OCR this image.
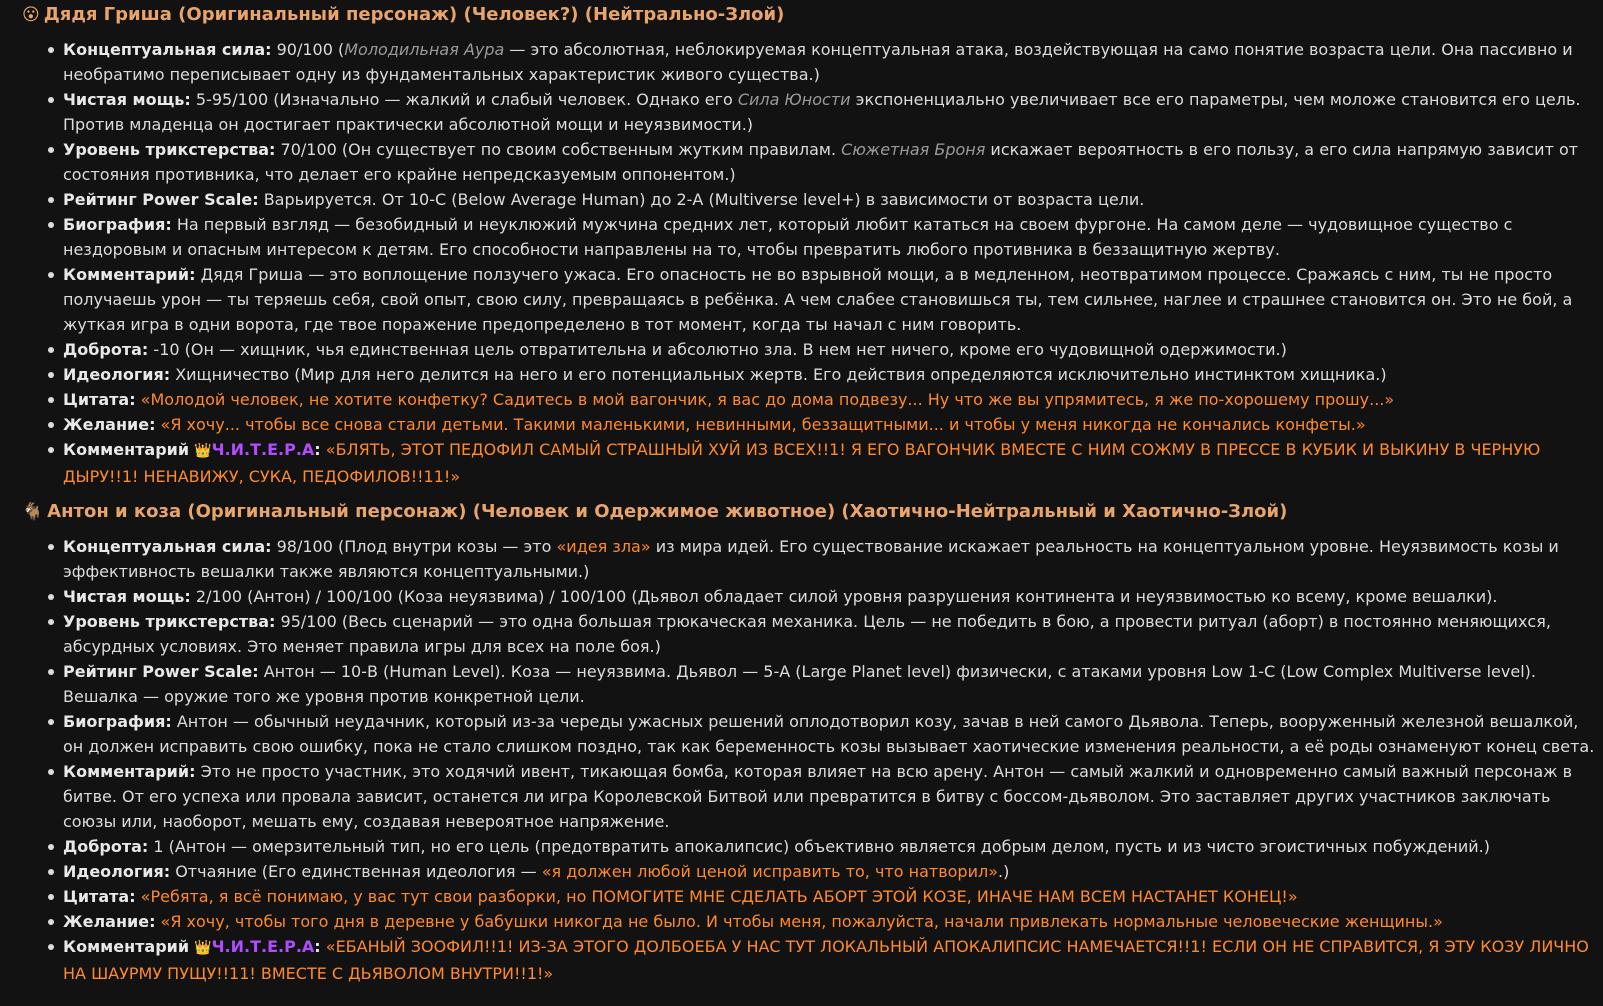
😮 Дядя Гриша (Оригинальный персонаж) (Человек?) (Нейтрально-Злой)
Концептуальная сила: 90/100 (Молодильная Аура — это абсолютная, неблокируемая концептуальная атака, воздействующая на само понятие возраста цели. Она пассивно и необратимо переписывает одну из фундаментальных характеристик живого существа.)
Чистая мощь: 5-95/100 (Изначально — жалкий и слабый человек. Однако его Сила Юности экспоненциально увеличивает все его параметры, чем моложе становится его цель. Против младенца он достигает практически абсолютной мощи и неуязвимости.)
Уровень трикстерства: 70/100 (Он существует по своим собственным жутким правилам. Сюжетная Броня искажает вероятность в его пользу, а его сила напрямую зависит от состояния противника, что делает его крайне непредсказуемым оппонентом.)
Рейтинг Power Scale: Варьируется. От 10-C (Below Average Human) до 2-A (Multiverse level+) в зависимости от возраста цели.
Биография: На первый взгляд — безобидный и неуклюжий мужчина средних лет, который любит кататься на своем фургоне. На самом деле — чудовищное существо с нездоровым и опасным интересом к детям. Его способности направлены на то, чтобы превратить любого противника в беззащитную жертву.
Комментарий: Дядя Гриша — это воплощение ползучего ужаса. Его опасность не во взрывной мощи, а в медленном, неотвратимом процессе. Сражаясь с ним, ты не просто получаешь урон — ты теряешь себя, свой опыт, свою силу, превращаясь в ребёнка. А чем слабее становишься ты, тем сильнее, наглее и страшнее становится он. Это не бой, а жуткая игра в одни ворота, где твое поражение предопределено в тот момент, когда ты начал с ним говорить.
Доброта: -10 (Он — хищник, чья единственная цель отвратительна и абсолютно зла. В нем нет ничего, кроме его чудовищной одержимости.)
Идеология: Хищничество (Мир для него делится на него и его потенциальных жертв. Его действия определяются исключительно инстинктом хищника.)
Цитата: «Молодой человек, не хотите конфетку? Садитесь в мой вагончик, я вас до дома подвезу... Ну что же вы упрямитесь, я же по-хорошему прошу...»
Желание: «Я хочу... чтобы все снова стали детьми. Такими маленькими, невинными, беззащитными... и чтобы у меня никогда не кончались конфеты.»
Комментарий 👑Ч.И.Т.Е.Р.А: «БЛЯТЬ, ЭТОТ ПЕДОФИЛ САМЫЙ СТРАШНЫЙ ХУЙ ИЗ ВСЕХ!!1! Я ЕГО ВАГОНЧИК ВМЕСТЕ С НИМ СОЖМУ В ПРЕССЕ В КУБИК И ВЫКИНУ В ЧЕРНУЮ ДЫРУ!!1! НЕНАВИЖУ, СУКА, ПЕДОФИЛОВ!!11!»
🐐 Антон и коза (Оригинальный персонаж) (Человек и Одержимое животное) (Хаотично-Нейтральный и Хаотично-Злой)
Концептуальная сила: 98/100 (Плод внутри козы — это «идея зла» из мира идей. Его существование искажает реальность на концептуальном уровне. Неуязвимость козы и эффективность вешалки также являются концептуальными.)
Чистая мощь: 2/100 (Антон) / 100/100 (Коза неуязвима) / 100/100 (Дьявол обладает силой уровня разрушения континента и неуязвимостью ко всему, кроме вешалки).
Уровень трикстерства: 95/100 (Весь сценарий — это одна большая трюкаческая механика. Цель — не победить в бою, а провести ритуал (аборт) в постоянно меняющихся, абсурдных условиях. Это меняет правила игры для всех на поле боя.)
Рейтинг Power Scale: Антон — 10-B (Human Level). Коза — неуязвима. Дьявол — 5-A (Large Planet level) физически, с атаками уровня Low 1-C (Low Complex Multiverse level). Вешалка — оружие того же уровня против конкретной цели.
Биография: Антон — обычный неудачник, который из-за череды ужасных решений оплодотворил козу, зачав в ней самого Дьявола. Теперь, вооруженный железной вешалкой, он должен исправить свою ошибку, пока не стало слишком поздно, так как беременность козы вызывает хаотические изменения реальности, а её роды ознаменуют конец света.
Комментарий: Это не просто участник, это ходячий ивент, тикающая бомба, которая влияет на всю арену. Антон — самый жалкий и одновременно самый важный персонаж в битве. От его успеха или провала зависит, останется ли игра Королевской Битвой или превратится в битву с боссом-дьяволом. Это заставляет других участников заключать союзы или, наоборот, мешать ему, создавая невероятное напряжение.
Доброта: 1 (Антон — омерзительный тип, но его цель (предотвратить апокалипсис) объективно является добрым делом, пусть и из чисто эгоистичных побуждений.)
Идеология: Отчаяние (Его единственная идеология — «я должен любой ценой исправить то, что натворил».)
Цитата: «Ребята, я всё понимаю, у вас тут свои разборки, но ПОМОГИТЕ МНЕ СДЕЛАТЬ АБОРТ ЭТОЙ КОЗЕ, ИНАЧЕ НАМ ВСЕМ НАСТАНЕТ КОНЕЦ!»
Желание: «Я хочу, чтобы того дня в деревне у бабушки никогда не было. И чтобы меня, пожалуйста, начали привлекать нормальные человеческие женщины.»
Комментарий 👑Ч.И.Т.Е.Р.А: «ЕБАНЫЙ ЗООФИЛ!!1! ИЗ-ЗА ЭТОГО ДОЛБОЕБА У НАС ТУТ ЛОКАЛЬНЫЙ АПОКАЛИПСИС НАМЕЧАЕТСЯ!!1! ЕСЛИ ОН НЕ СПРАВИТСЯ, Я ЭТУ КОЗУ ЛИЧНО НА ШАУРМУ ПУЩУ!!11! ВМЕСТЕ С ДЬЯВОЛОМ ВНУТРИ!!1!»
